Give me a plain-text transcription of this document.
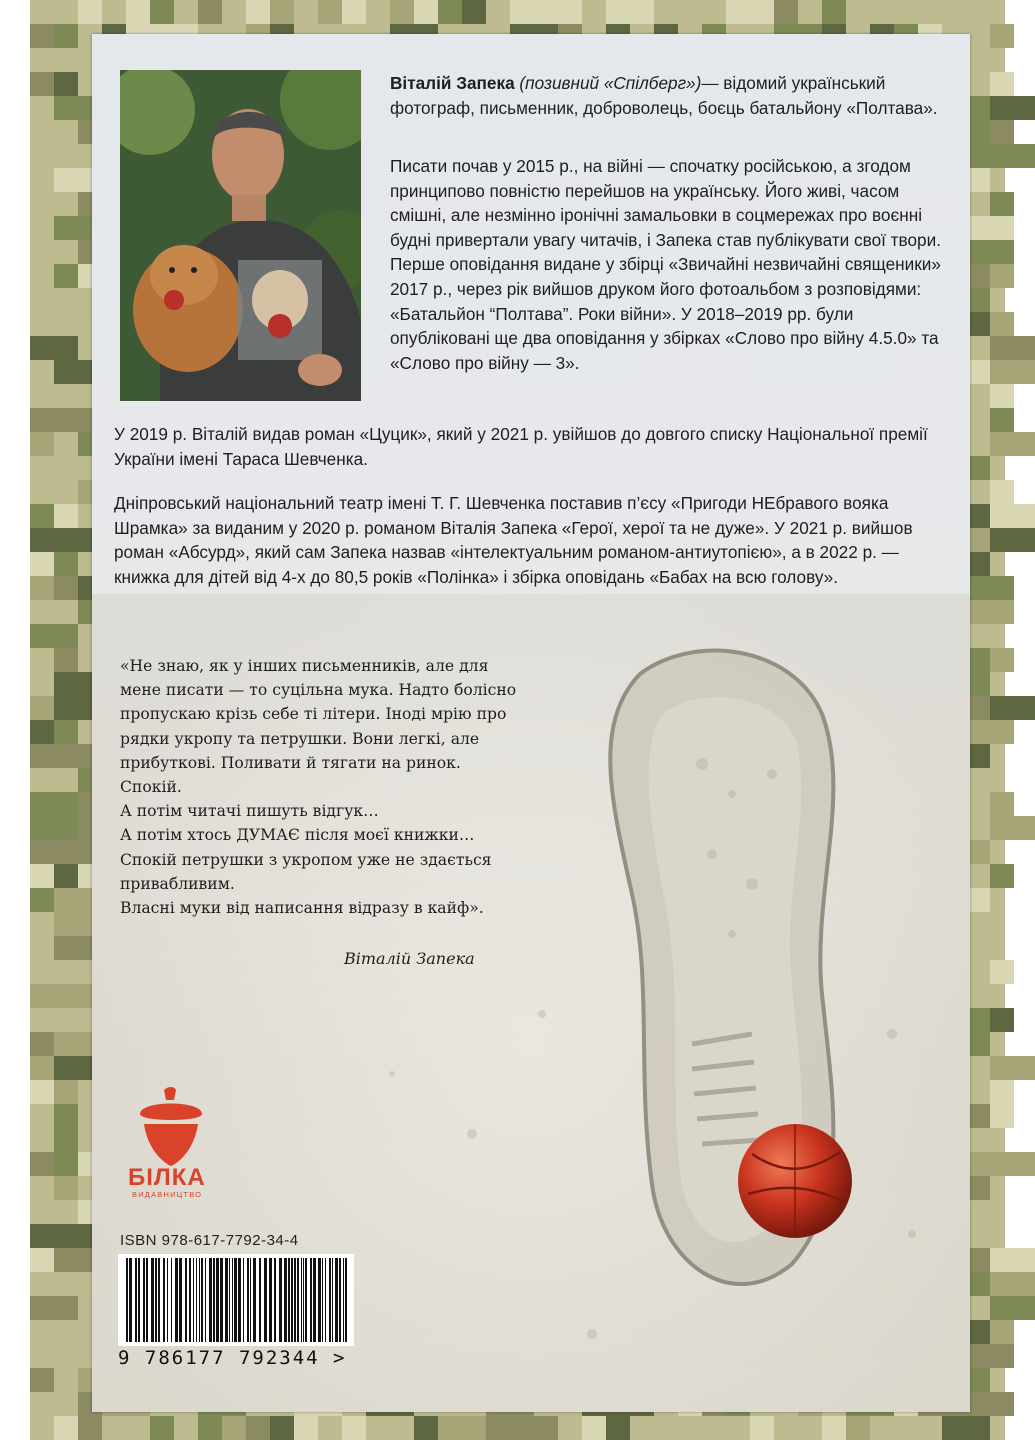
Віталій Запека (позивний «Спілберг»)— відомий український фотограф, письменник, доброволець, боєць батальйону «Полтава».

Писати почав у 2015 р., на війні — спочатку російською, а згодом принципово повністю перейшов на українську. Його живі, часом смішні, але незмінно іронічні замальовки в соцмережах про воєнні будні привертали увагу читачів, і Запека став публікувати свої твори. Перше оповідання видане у збірці «Звичайні незвичайні священики» 2017 р., через рік вийшов друком його фотоальбом з розповідями: «Батальйон “Полтава”. Роки війни». У 2018–2019 рр. були опубліковані ще два оповідання у збірках «Слово про війну 4.5.0» та «Слово про війну — 3».
У 2019 р. Віталій видав роман «Цуцик», який у 2021 р. увійшов до довгого списку Національної премії України імені Тараса Шевченка.
Дніпровський національний театр імені Т. Г. Шевченка поставив п’єсу «Пригоди НЕбравого вояка Шрамка» за виданим у 2020 р. романом Віталія Запека «Герої, херої та не дуже». У 2021 р. вийшов роман «Абсурд», який сам Запека назвав «інтелектуальним романом-антиутопією», а в 2022 р. — книжка для дітей від 4-х до 80,5 років «Полінка» і збірка оповідань «Бабах на всю голову».
«Не знаю, як у інших письменників, але для
мене писати — то суцільна мука. Надто болісно
пропускаю крізь себе ті літери. Іноді мрію про
рядки укропу та петрушки. Вони легкі, але
прибуткові. Поливати й тягати на ринок.
Спокій.
А потім читачі пишуть відгук…
А потім хтось ДУМАЄ після моєї книжки…
Спокій петрушки з укропом уже не здається
привабливим.
Власні муки від написання відразу в кайф».
Віталій Запека
БІЛКА
ВИДАВНИЦТВО
ISBN 978-617-7792-34-4
9 786177 792344 >
